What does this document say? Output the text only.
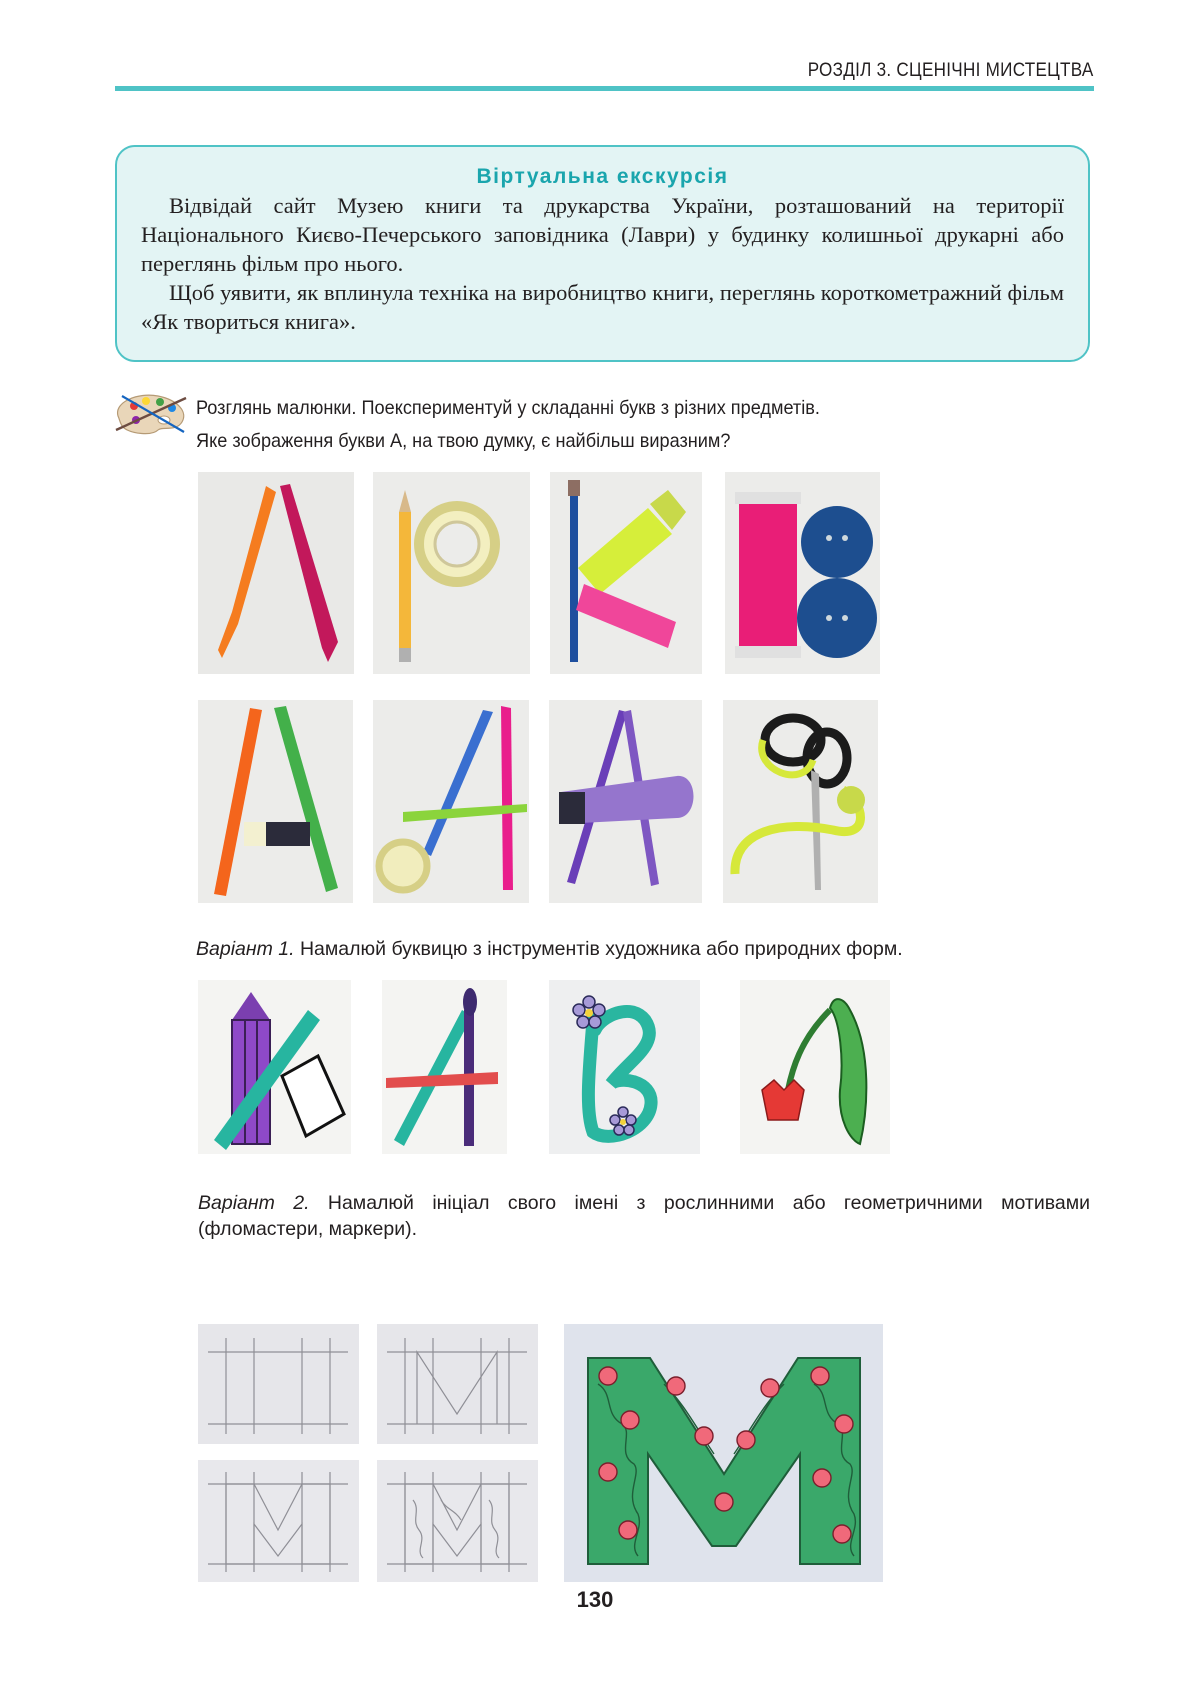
РОЗДІЛ 3. СЦЕНІЧНІ МИСТЕЦТВА
Віртуальна екскурсія

Відвідай сайт Музею книги та друкарства України, розташований на території Національного Києво-Печерського заповідника (Лаври) у будинку колишньої друкарні або переглянь фільм про нього.

Щоб уявити, як вплинула техніка на виробництво книги, переглянь короткометражний фільм «Як твориться книга».

Розглянь малюнки. Поекспериментуй у складанні букв з різних предметів.
Яке зображення букви А, на твою думку, є найбільш виразним?
Варіант 1. Намалюй буквицю з інструментів художника або природних форм.
Варіант 2. Намалюй ініціал свого імені з рослинними або геометричними мотивами (фломастери, маркери).
130
